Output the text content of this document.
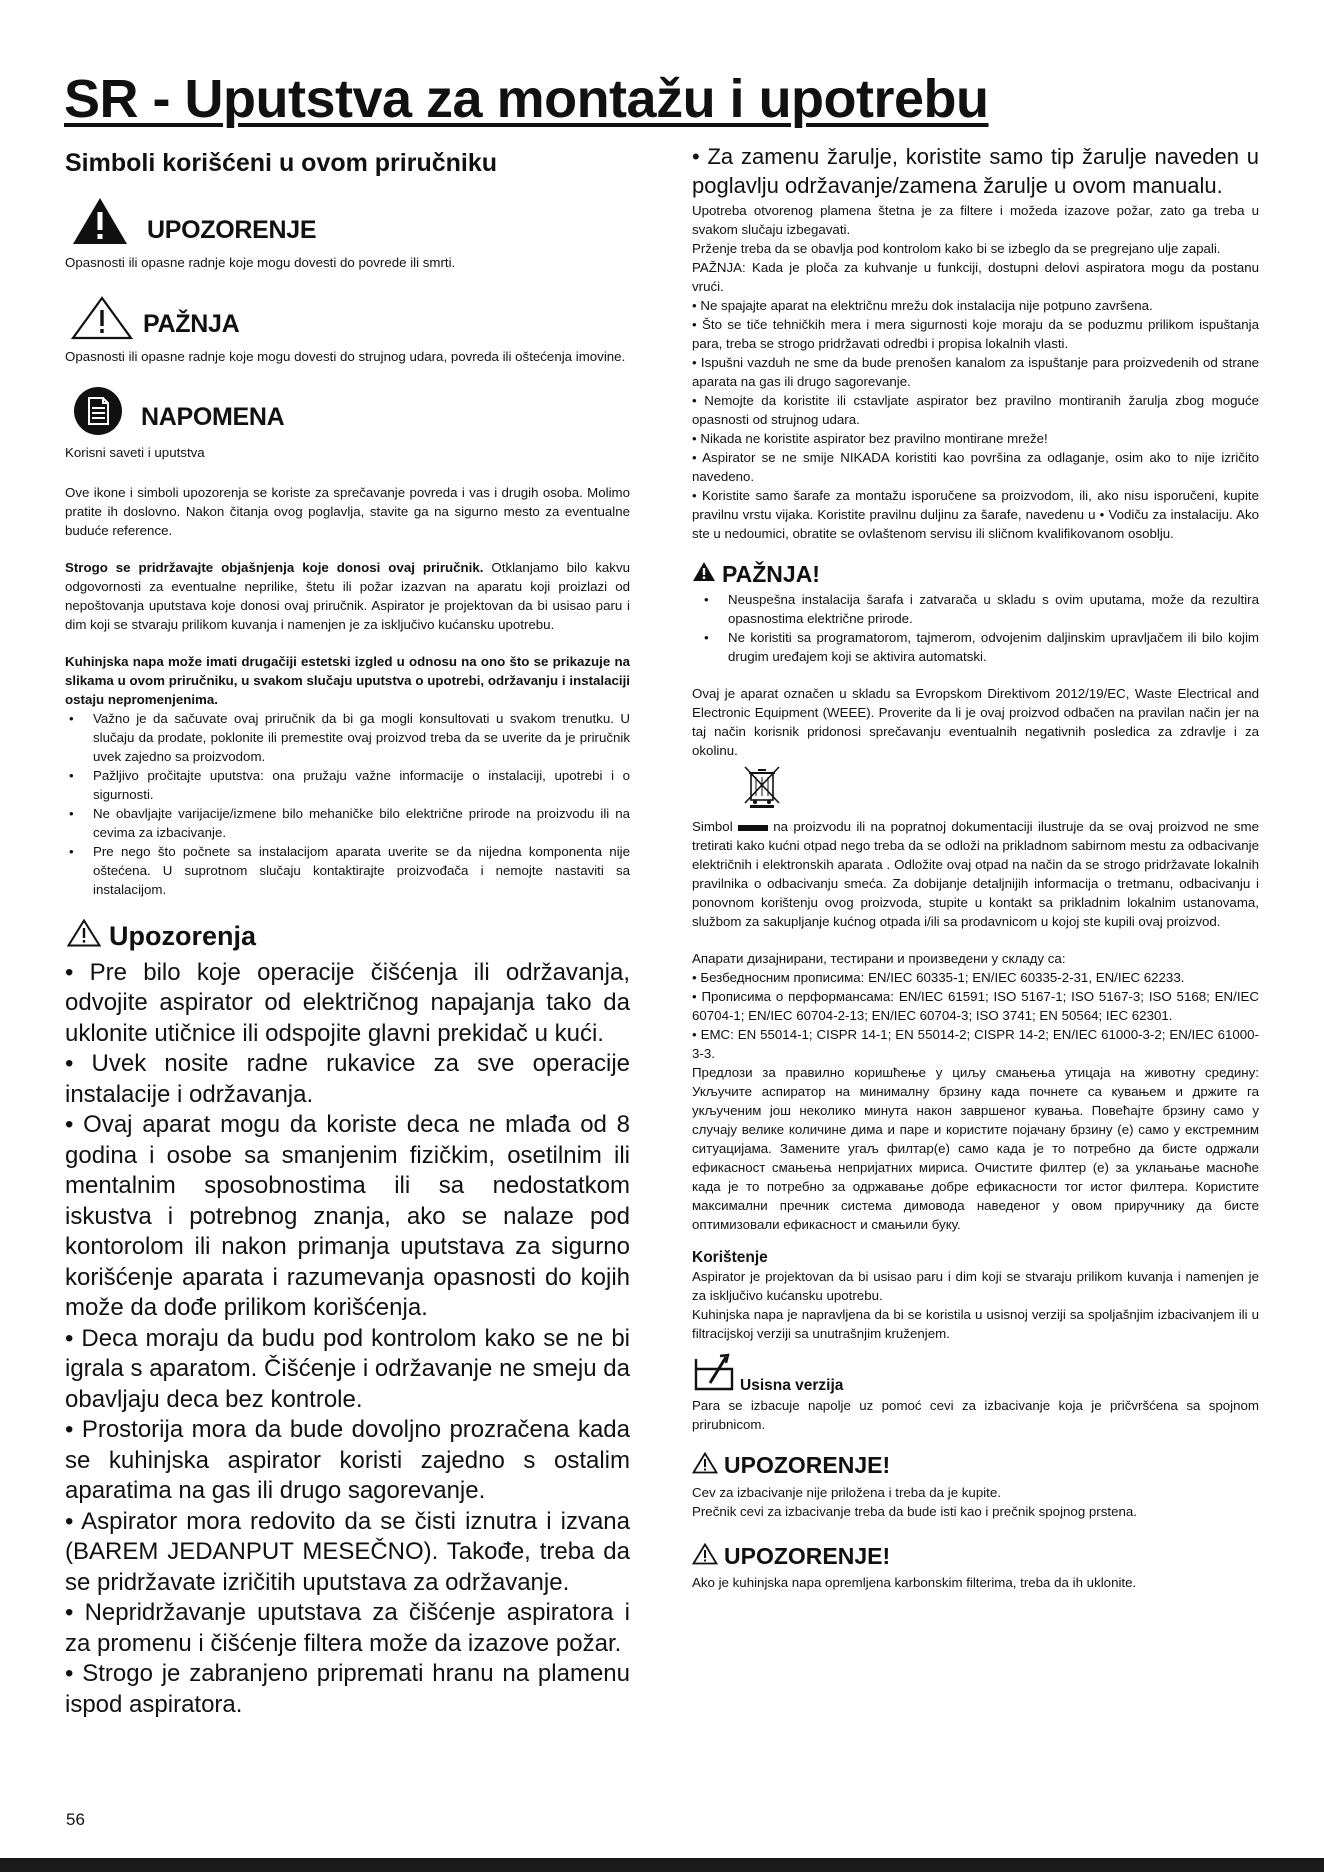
SR - Uputstva za montažu i upotrebu
Simboli korišćeni u ovom priručniku
UPOZORENJE

Opasnosti ili opasne radnje koje mogu dovesti do povrede ili smrti.

PAŽNJA

Opasnosti ili opasne radnje koje mogu dovesti do strujnog udara, povreda ili oštećenja imovine.

NAPOMENA

Korisni saveti i uputstva

Ove ikone i simboli upozorenja se koriste za sprečavanje povreda i vas i drugih osoba. Molimo pratite ih doslovno. Nakon čitanja ovog poglavlja, stavite ga na sigurno mesto za eventualne buduće reference.

Strogo se pridržavajte objašnjenja koje donosi ovaj priručnik. Otklanjamo bilo kakvu odgovornosti za eventualne neprilike, štetu ili požar izazvan na aparatu koji proizlazi od nepoštovanja uputstava koje donosi ovaj priručnik. Aspirator je projektovan da bi usisao paru i dim koji se stvaraju prilikom kuvanja i namenjen je za isključivo kućansku upotrebu.

Kuhinjska napa može imati drugačiji estetski izgled u odnosu na ono što se prikazuje na slikama u ovom priručniku, u svakom slučaju uputstva o upotrebi, održavanju i instalaciji ostaju nepromenjenima.

• Važno je da sačuvate ovaj priručnik da bi ga mogli konsultovati u svakom trenutku. U slučaju da prodate, poklonite ili premestite ovaj proizvod treba da se uverite da je priručnik uvek zajedno sa proizvodom.
• Pažljivo pročitajte uputstva: ona pružaju važne informacije o instalaciji, upotrebi i o sigurnosti.
• Ne obavljajte varijacije/izmene bilo mehaničke bilo električne prirode na proizvodu ili na cevima za izbacivanje.
• Pre nego što počnete sa instalacijom aparata uverite se da nijedna komponenta nije oštećena. U suprotnom slučaju kontaktirajte proizvođača i nemojte nastaviti sa instalacijom.
Upozorenja

• Pre bilo koje operacije čišćenja ili održavanja, odvojite aspirator od električnog napajanja tako da uklonite utičnice ili odspojite glavni prekidač u kući.

• Uvek nosite radne rukavice za sve operacije instalacije i održavanja.

• Ovaj aparat mogu da koriste deca ne mlađa od 8 godina i osobe sa smanjenim fizičkim, osetilnim ili mentalnim sposobnostima ili sa nedostatkom iskustva i potrebnog znanja, ako se nalaze pod kontorolom ili nakon primanja uputstava za sigurno korišćenje aparata i razumevanja opasnosti do kojih može da dođe prilikom korišćenja.

• Deca moraju da budu pod kontrolom kako se ne bi igrala s aparatom. Čišćenje i održavanje ne smeju da obavljaju deca bez kontrole.

• Prostorija mora da bude dovoljno prozračena kada se kuhinjska aspirator koristi zajedno s ostalim aparatima na gas ili drugo sagorevanje.

• Aspirator mora redovito da se čisti iznutra i izvana (BAREM JEDANPUT MESEČNO). Takođe, treba da se pridržavate izričitih uputstava za održavanje.

• Nepridržavanje uputstava za čišćenje aspiratora i za promenu i čišćenje filtera može da izazove požar.

• Strogo je zabranjeno pripremati hranu na plamenu ispod aspiratora.

• Za zamenu žarulje, koristite samo tip žarulje naveden u poglavlju održavanje/zamena žarulje u ovom manualu.

Upotreba otvorenog plamena štetna je za filtere i možeda izazove požar, zato ga treba u svakom slučaju izbegavati.

Prženje treba da se obavlja pod kontrolom kako bi se izbeglo da se pregrejano ulje zapali.

PAŽNJA: Kada je ploča za kuhvanje u funkciji, dostupni delovi aspiratora mogu da postanu vrući.

• Ne spajajte aparat na električnu mrežu dok instalacija nije potpuno završena.

• Što se tiče tehničkih mera i mera sigurnosti koje moraju da se poduzmu prilikom ispuštanja para, treba se strogo pridržavati odredbi i propisa lokalnih vlasti.

• Ispušni vazduh ne sme da bude prenošen kanalom za ispuštanje para proizvedenih od strane aparata na gas ili drugo sagorevanje.

• Nemojte da koristite ili cstavljate aspirator bez pravilno montiranih žarulja zbog moguće opasnosti od strujnog udara.

• Nikada ne koristite aspirator bez pravilno montirane mreže!

• Aspirator se ne smije NIKADA koristiti kao površina za odlaganje, osim ako to nije izričito navedeno.

• Koristite samo šarafe za montažu isporučene sa proizvodom, ili, ako nisu isporučeni, kupite pravilnu vrstu vijaka. Koristite pravilnu duljinu za šarafe, navedenu u • Vodiču za instalaciju. Ako ste u nedoumici, obratite se ovlaštenom servisu ili sličnom kvalifikovanom osoblju.

PAŽNJA!
• Neuspešna instalacija šarafa i zatvarača u skladu s ovim uputama, može da rezultira opasnostima električne prirode.
• Ne koristiti sa programatorom, tajmerom, odvojenim daljinskim upravljačem ili bilo kojim drugim uređajem koji se aktivira automatski.

Ovaj je aparat označen u skladu sa Evropskom Direktivom 2012/19/EC, Waste Electrical and Electronic Equipment (WEEE). Proverite da li je ovaj proizvod odbačen na pravilan način jer na taj način korisnik pridonosi sprečavanju eventualnih negativnih posledica za zdravlje i za okolinu.

Simbol  na proizvodu ili na popratnoj dokumentaciji ilustruje da se ovaj proizvod ne sme tretirati kako kućni otpad nego treba da se odloži na prikladnom sabirnom mestu za odbacivanje električnih i elektronskih aparata . Odložite ovaj otpad na način da se strogo pridržavate lokalnih pravilnika o odbacivanju smeća. Za dobijanje detaljnijih informacija o tretmanu, odbacivanju i ponovnom korištenju ovog proizvoda, stupite u kontakt sa prikladnim lokalnim ustanovama, službom za sakupljanje kućnog otpada i/ili sa prodavnicom u kojoj ste kupili ovaj proizvod.

Апарати дизајнирани, тестирани и произведени у складу са:

• Безбедносним прописима: EN/IEC 60335-1; EN/IEC 60335-2-31, EN/IEC 62233.

• Прописима о перформансама: EN/IEC 61591; ISO 5167-1; ISO 5167-3; ISO 5168; EN/IEC 60704-1; EN/IEC 60704-2-13; EN/IEC 60704-3; ISO 3741; EN 50564; IEC 62301.

• EMC: EN 55014-1; CISPR 14-1; EN 55014-2; CISPR 14-2; EN/IEC 61000-3-2; EN/IEC 61000-3-3.

Предлози за правилно коришћење у циљу смањења утицаја на животну средину: Укључите аспиратор на минималну брзину када почнете са кувањем и држите га укљученим још неколико минута након завршеног кувања. Повећајте брзину само у случају велике количине дима и паре и користите појачану брзину (е) само у екстремним ситуацијама. Замените угаљ филтар(е) само када је то потребно да бисте одржали ефикасност смањења непријатних мириса. Очистите филтер (е) за уклањање масноће када је то потребно за одржавање добре ефикасности тог истог филтера. Користите максимални пречник система димовода наведеног у овом приручнику да бисте оптимизовали ефикасност и смањили буку.

Korištenje

Aspirator je projektovan da bi usisao paru i dim koji se stvaraju prilikom kuvanja i namenjen je za isključivo kućansku upotrebu.

Kuhinjska napa je napravljena da bi se koristila u usisnoj verziji sa spoljašnjim izbacivanjem ili u filtracijskoj verziji sa unutrašnjim kruženjem.

Usisna verzija

Para se izbacuje napolje uz pomoć cevi za izbacivanje koja je pričvršćena sa spojnom prirubnicom.

UPOZORENJE!

Cev za izbacivanje nije priložena i treba da je kupite.

Prečnik cevi za izbacivanje treba da bude isti kao i prečnik spojnog prstena.

UPOZORENJE!

Ako je kuhinjska napa opremljena karbonskim filterima, treba da ih uklonite.

56
